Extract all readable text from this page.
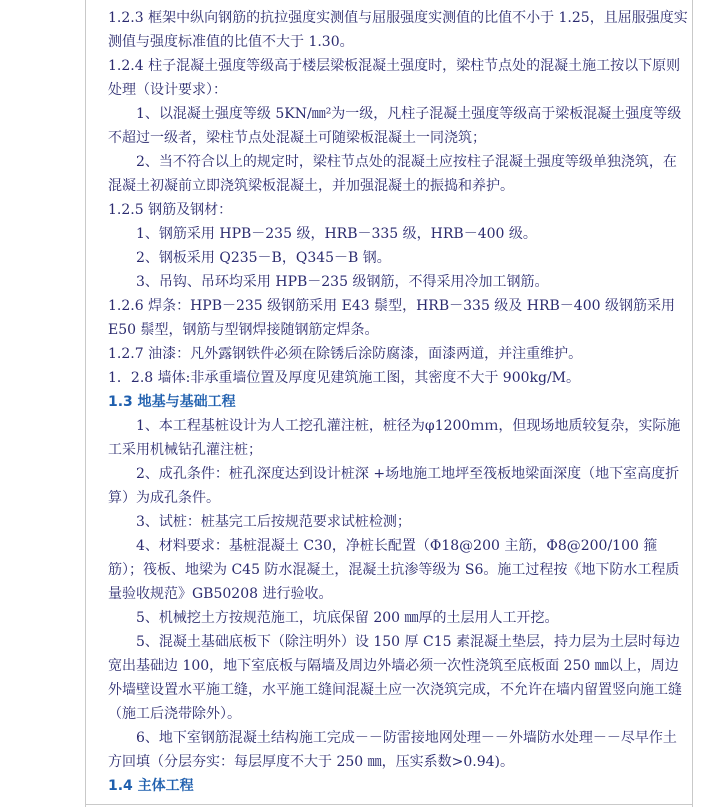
1.2.3 框架中纵向钢筋的抗拉强度实测值与屈服强度实测值的比值不小于 1.25，且屈服强度实测值与强度标准值的比值不大于 1.30。

1.2.4 柱子混凝土强度等级高于楼层梁板混凝土强度时，梁柱节点处的混凝土施工按以下原则处理（设计要求）：

1、以混凝土强度等级 5KN/㎜²为一级，凡柱子混凝土强度等级高于梁板混凝土强度等级不超过一级者，梁柱节点处混凝土可随梁板混凝土一同浇筑；

2、当不符合以上的规定时，梁柱节点处的混凝土应按柱子混凝土强度等级单独浇筑，在混凝土初凝前立即浇筑梁板混凝土，并加强混凝土的振捣和养护。

1.2.5 钢筋及钢材：

1、钢筋采用 HPB－235 级，HRB－335 级，HRB－400 级。

2、钢板采用 Q235－B，Q345－B 钢。

3、吊钩、吊环均采用 HPB－235 级钢筋，不得采用冷加工钢筋。

1.2.6 焊条：HPB－235 级钢筋采用 E43 鬃型，HRB－335 级及 HRB－400 级钢筋采用 E50 鬃型，钢筋与型钢焊接随钢筋定焊条。

1.2.7 油漆：凡外露钢铁件必须在除锈后涂防腐漆，面漆两道，并注重维护。

1．2.8 墙体:非承重墙位置及厚度见建筑施工图，其密度不大于 900kg/M。

1.3 地基与基础工程

1、本工程基桩设计为人工挖孔灌注桩，桩径为φ1200ｍｍ，但现场地质较复杂，实际施工采用机械钻孔灌注桩；

2、成孔条件：桩孔深度达到设计桩深 +场地施工地坪至筏板地梁面深度（地下室高度折算）为成孔条件。

3、试桩：桩基完工后按规范要求试桩检测；

4、材料要求：基桩混凝土 C30，净桩长配置（Φ18@200 主筋，Φ8@200/100 箍筋）；筏板、地梁为 C45 防水混凝土，混凝土抗渗等级为 S6。施工过程按《地下防水工程质量验收规范》GB50208 进行验收。

5、机械挖土方按规范施工，坑底保留 200 ㎜厚的土层用人工开挖。

5、混凝土基础底板下（除注明外）设 150 厚 C15 素混凝土垫层，持力层为土层时每边宽出基础边 100，地下室底板与隔墙及周边外墙必须一次性浇筑至底板面 250 ㎜以上，周边外墙壁设置水平施工缝，水平施工缝间混凝土应一次浇筑完成，不允许在墙内留置竖向施工缝（施工后浇带除外）。

6、地下室钢筋混凝土结构施工完成－－防雷接地网处理－－外墙防水处理－－尽早作土方回填（分层夯实：每层厚度不大于 250 ㎜，压实系数>0.94)。

1.4 主体工程
